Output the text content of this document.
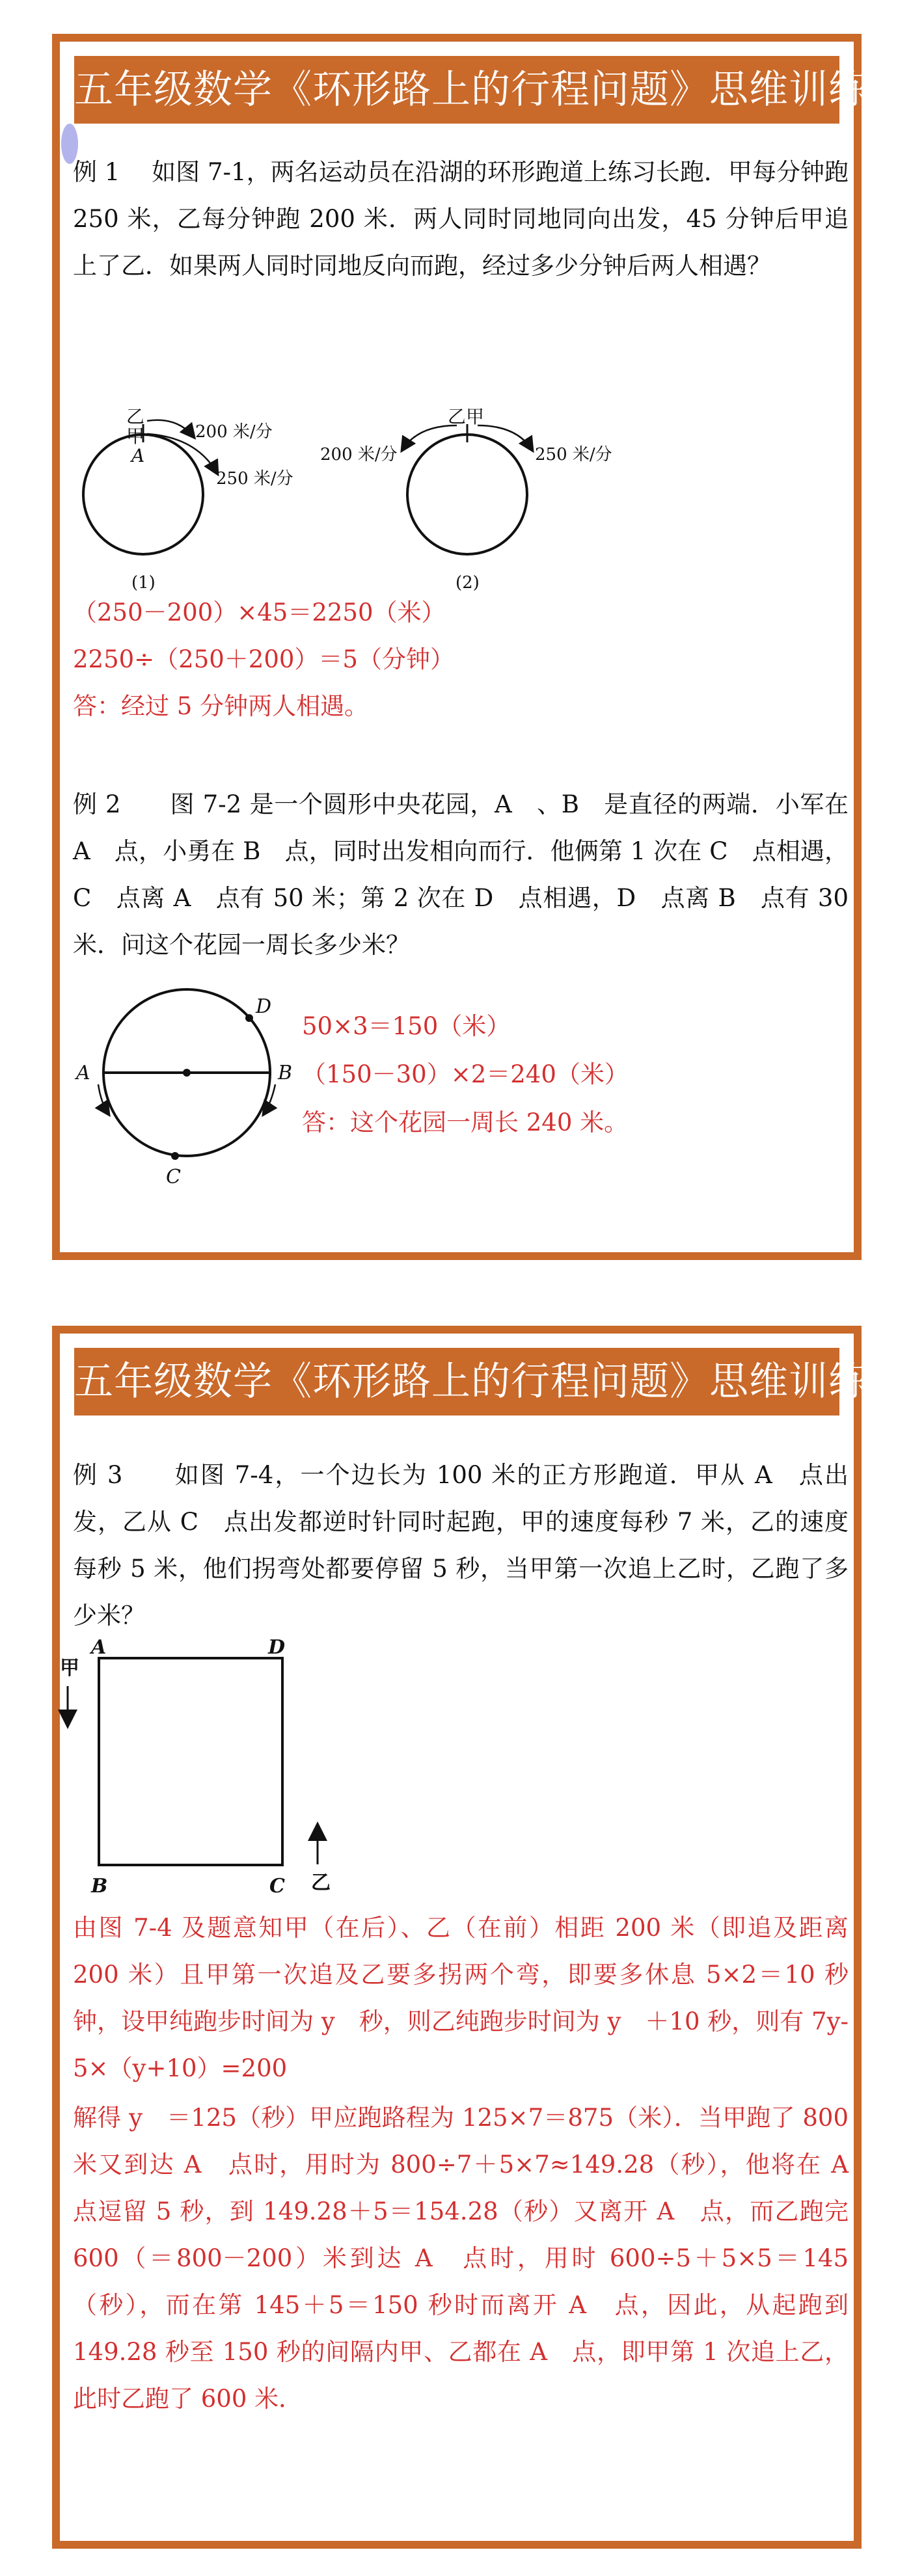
五年级数学《环形路上的行程问题》思维训练

例 1　 如图 7-1，两名运动员在沿湖的环形跑道上练习长跑．甲每分钟跑 250 米，乙每分钟跑 200 米．两人同时同地同向出发，45 分钟后甲追上了乙．如果两人同时同地反向而跑，经过多少分钟后两人相遇？

乙
甲
A
200 米/分
250 米/分
(1)
乙甲
200 米/分	250 米/分
(2)

（250－200）×45＝2250（米）

2250÷（250＋200）＝5（分钟）

答：经过 5 分钟两人相遇。

例 2　　图 7-2 是一个圆形中央花园，A　、B　是直径的两端．小军在 A　点，小勇在 B　点，同时出发相向而行．他俩第 1 次在 C　点相遇，C　点离 A　点有 50 米；第 2 次在 D　点相遇，D　点离 B　点有 30 米．问这个花园一周长多少米？

A	B
D
C

50×3＝150（米）

（150－30）×2＝240（米）

答：这个花园一周长 240 米。

五年级数学《环形路上的行程问题》思维训练

例 3　　如图 7-4，一个边长为 100 米的正方形跑道．甲从 A　点出发，乙从 C　点出发都逆时针同时起跑，甲的速度每秒 7 米，乙的速度每秒 5 米，他们拐弯处都要停留 5 秒，当甲第一次追上乙时，乙跑了多少米？

A	D
B	C
甲
乙

由图 7-4 及题意知甲（在后）、乙（在前）相距 200 米（即追及距离 200 米）且甲第一次追及乙要多拐两个弯，即要多休息 5×2＝10 秒钟，设甲纯跑步时间为 y　秒，则乙纯跑步时间为 y　＋10 秒，则有 7y-5×（y+10）=200

解得 y　＝125（秒）甲应跑路程为 125×7＝875（米）．当甲跑了 800 米又到达 A　点时，用时为 800÷7＋5×7≈149.28（秒），他将在 A　点逗留 5 秒，到 149.28＋5＝154.28（秒）又离开 A　点，而乙跑完 600（＝800－200）米到达 A　点时，用时 600÷5＋5×5＝145（秒），而在第 145＋5＝150 秒时而离开 A　点，因此，从起跑到 149.28 秒至 150 秒的间隔内甲、乙都在 A　点，即甲第 1 次追上乙，此时乙跑了 600 米．
